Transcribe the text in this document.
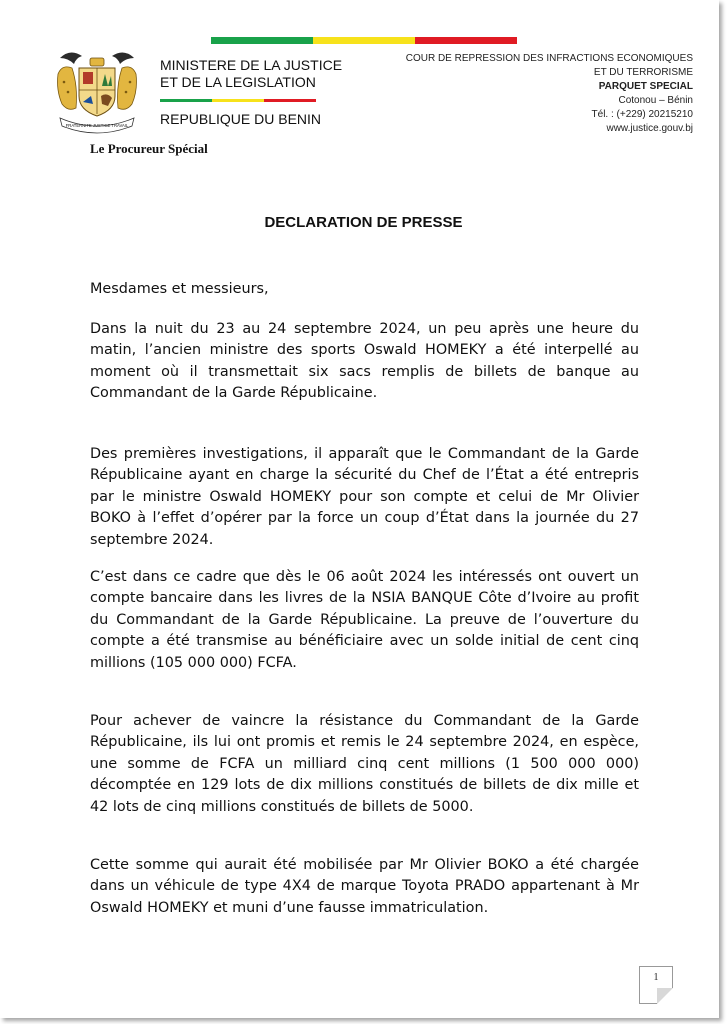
FRATERNITE JUSTICE TRAVAIL
MINISTERE DE LA JUSTICE
ET DE LA LEGISLATION
REPUBLIQUE DU BENIN
COUR DE REPRESSION DES INFRACTIONS ECONOMIQUES
ET DU TERRORISME
PARQUET SPECIAL
Cotonou – Bénin
Tél. : (+229) 20215210
www.justice.gouv.bj
Le Procureur Spécial
DECLARATION DE PRESSE

Mesdames et messieurs,

Dans la nuit du 23 au 24 septembre 2024, un peu après une heure du matin, l’ancien ministre des sports Oswald HOMEKY a été interpellé au moment où il transmettait six sacs remplis de billets de banque au Commandant de la Garde Républicaine.

Des premières investigations, il apparaît que le Commandant de la Garde Républicaine ayant en charge la sécurité du Chef de l’État a été entrepris par le ministre Oswald HOMEKY pour son compte et celui de Mr Olivier BOKO à l’effet d’opérer par la force un coup d’État dans la journée du 27 septembre 2024.

C’est dans ce cadre que dès le 06 août 2024 les intéressés ont ouvert un compte bancaire dans les livres de la NSIA BANQUE Côte d’Ivoire au profit du Commandant de la Garde Républicaine. La preuve de l’ouverture du compte a été transmise au bénéficiaire avec un solde initial de cent cinq millions (105 000 000) FCFA.

Pour achever de vaincre la résistance du Commandant de la Garde Républicaine, ils lui ont promis et remis le 24 septembre 2024, en espèce, une somme de FCFA un milliard cinq cent millions (1 500 000 000) décomptée en 129 lots de dix millions constitués de billets de dix mille et 42 lots de cinq millions constitués de billets de 5000.

Cette somme qui aurait été mobilisée par Mr Olivier BOKO a été chargée dans un véhicule de type 4X4 de marque Toyota PRADO appartenant à Mr Oswald HOMEKY et muni d’une fausse immatriculation.

1
